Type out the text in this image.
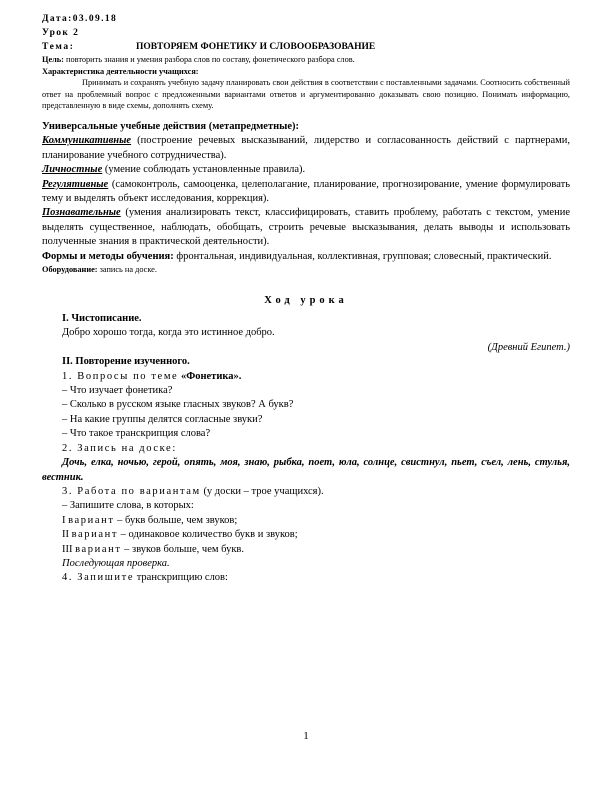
Дата:03.09.18
Урок 2
Тема:	ПОВТОРЯЕМ ФОНЕТИКУ И СЛОВООБРАЗОВАНИЕ

Цель: повторить знания и умения разбора слов по составу, фонетического разбора слов.

Характеристика деятельности учащихся:

Принимать и сохранять учебную задачу планировать свои действия в соответствии с поставленными задачами. Соотносить собственный ответ на проблемный вопрос с предложенными вариантами ответов и аргументированно доказывать свою позицию. Понимать информацию, представленную в виде схемы, дополнять схему.

Универсальные учебные действия (метапредметные):

Коммуникативные (построение речевых высказываний, лидерство и согласованность действий с партнерами, планирование учебного сотрудничества).

Личностные (умение соблюдать установленные правила).

Регулятивные (самоконтроль, самооценка, целеполагание, планирование, прогнозирование, умение формулировать тему и выделять объект исследования, коррекция).

Познавательные (умения анализировать текст, классифицировать, ставить проблему, работать с текстом, умение выделять существенное, наблюдать, обобщать, строить речевые высказывания, делать выводы и использовать полученные знания в практической деятельности).

Формы и методы обучения: фронтальная, индивидуальная, коллективная, групповая; словесный, практический.

Оборудование: запись на доске.

Ход урока

I. Чистописание.

Добро хорошо тогда, когда это истинное добро.

(Древний Египет.)

II. Повторение изученного.

1. Вопросы по теме «Фонетика».

– Что изучает фонетика?

– Сколько в русском языке гласных звуков? А букв?

– На какие группы делятся согласные звуки?

– Что такое транскрипция слова?

2. Запись на доске:

Дочь, елка, ночью, герой, опять, моя, знаю, рыбка, поет, юла, солнце, свистнул, пьет, съел, лень, стулья, вестник.

3. Работа по вариантам (у доски – трое учащихся).

– Запишите слова, в которых:

I вариант – букв больше, чем звуков;

II вариант – одинаковое количество букв и звуков;

III вариант – звуков больше, чем букв.

Последующая проверка.

4. Запишите транскрипцию слов:

1
